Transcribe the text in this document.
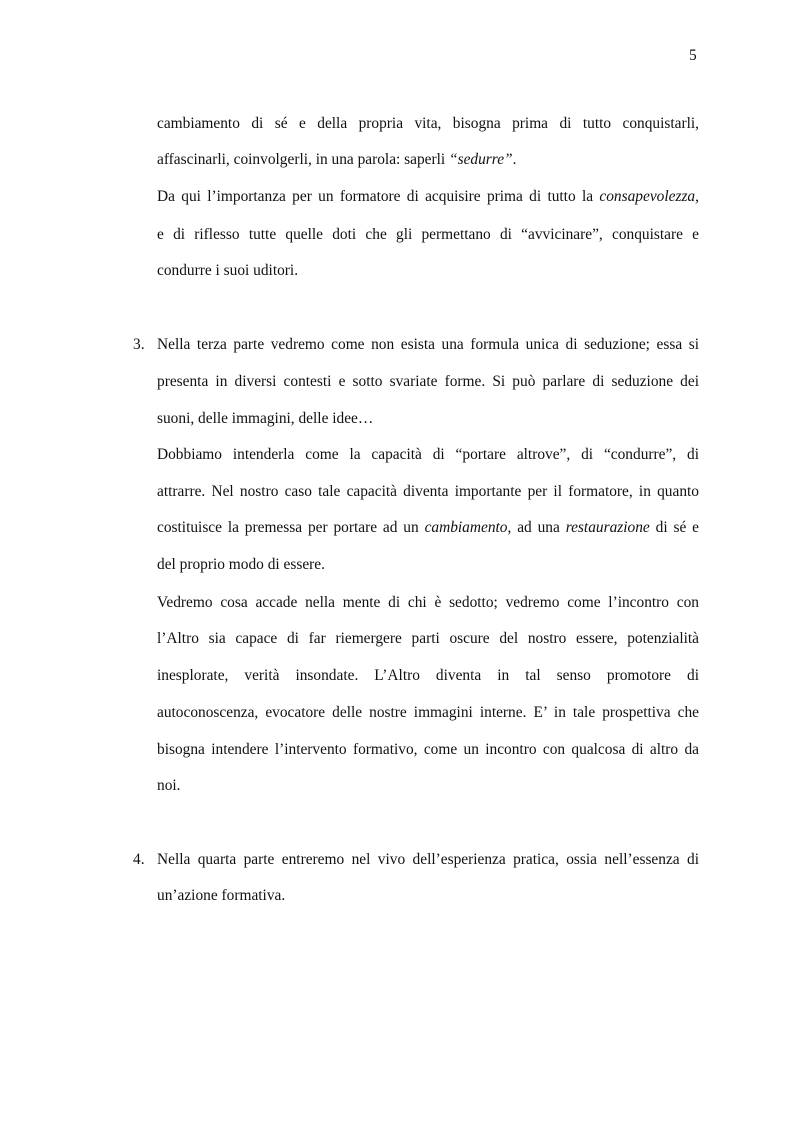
5
cambiamento di sé e della propria vita, bisogna prima di tutto conquistarli,
affascinarli, coinvolgerli, in una parola: saperli “sedurre”.
Da qui l’importanza per un formatore di acquisire prima di tutto la consapevolezza,
e di riflesso tutte quelle doti che gli permettano di “avvicinare”, conquistare e
condurre i suoi uditori.
3. Nella terza parte vedremo come non esista una formula unica di seduzione; essa si
presenta in diversi contesti e sotto svariate forme. Si può parlare di seduzione dei
suoni, delle immagini, delle idee…
Dobbiamo intenderla come la capacità di “portare altrove”, di “condurre”, di
attrarre. Nel nostro caso tale capacità diventa importante per il formatore, in quanto
costituisce la premessa per portare ad un cambiamento, ad una restaurazione di sé e
del proprio modo di essere.
Vedremo cosa accade nella mente di chi è sedotto; vedremo come l’incontro con
l’Altro sia capace di far riemergere parti oscure del nostro essere, potenzialità
inesplorate, verità insondate. L’Altro diventa in tal senso promotore di
autoconoscenza, evocatore delle nostre immagini interne. E’ in tale prospettiva che
bisogna intendere l’intervento formativo, come un incontro con qualcosa di altro da
noi.
4. Nella quarta parte entreremo nel vivo dell’esperienza pratica, ossia nell’essenza di
un’azione formativa.
